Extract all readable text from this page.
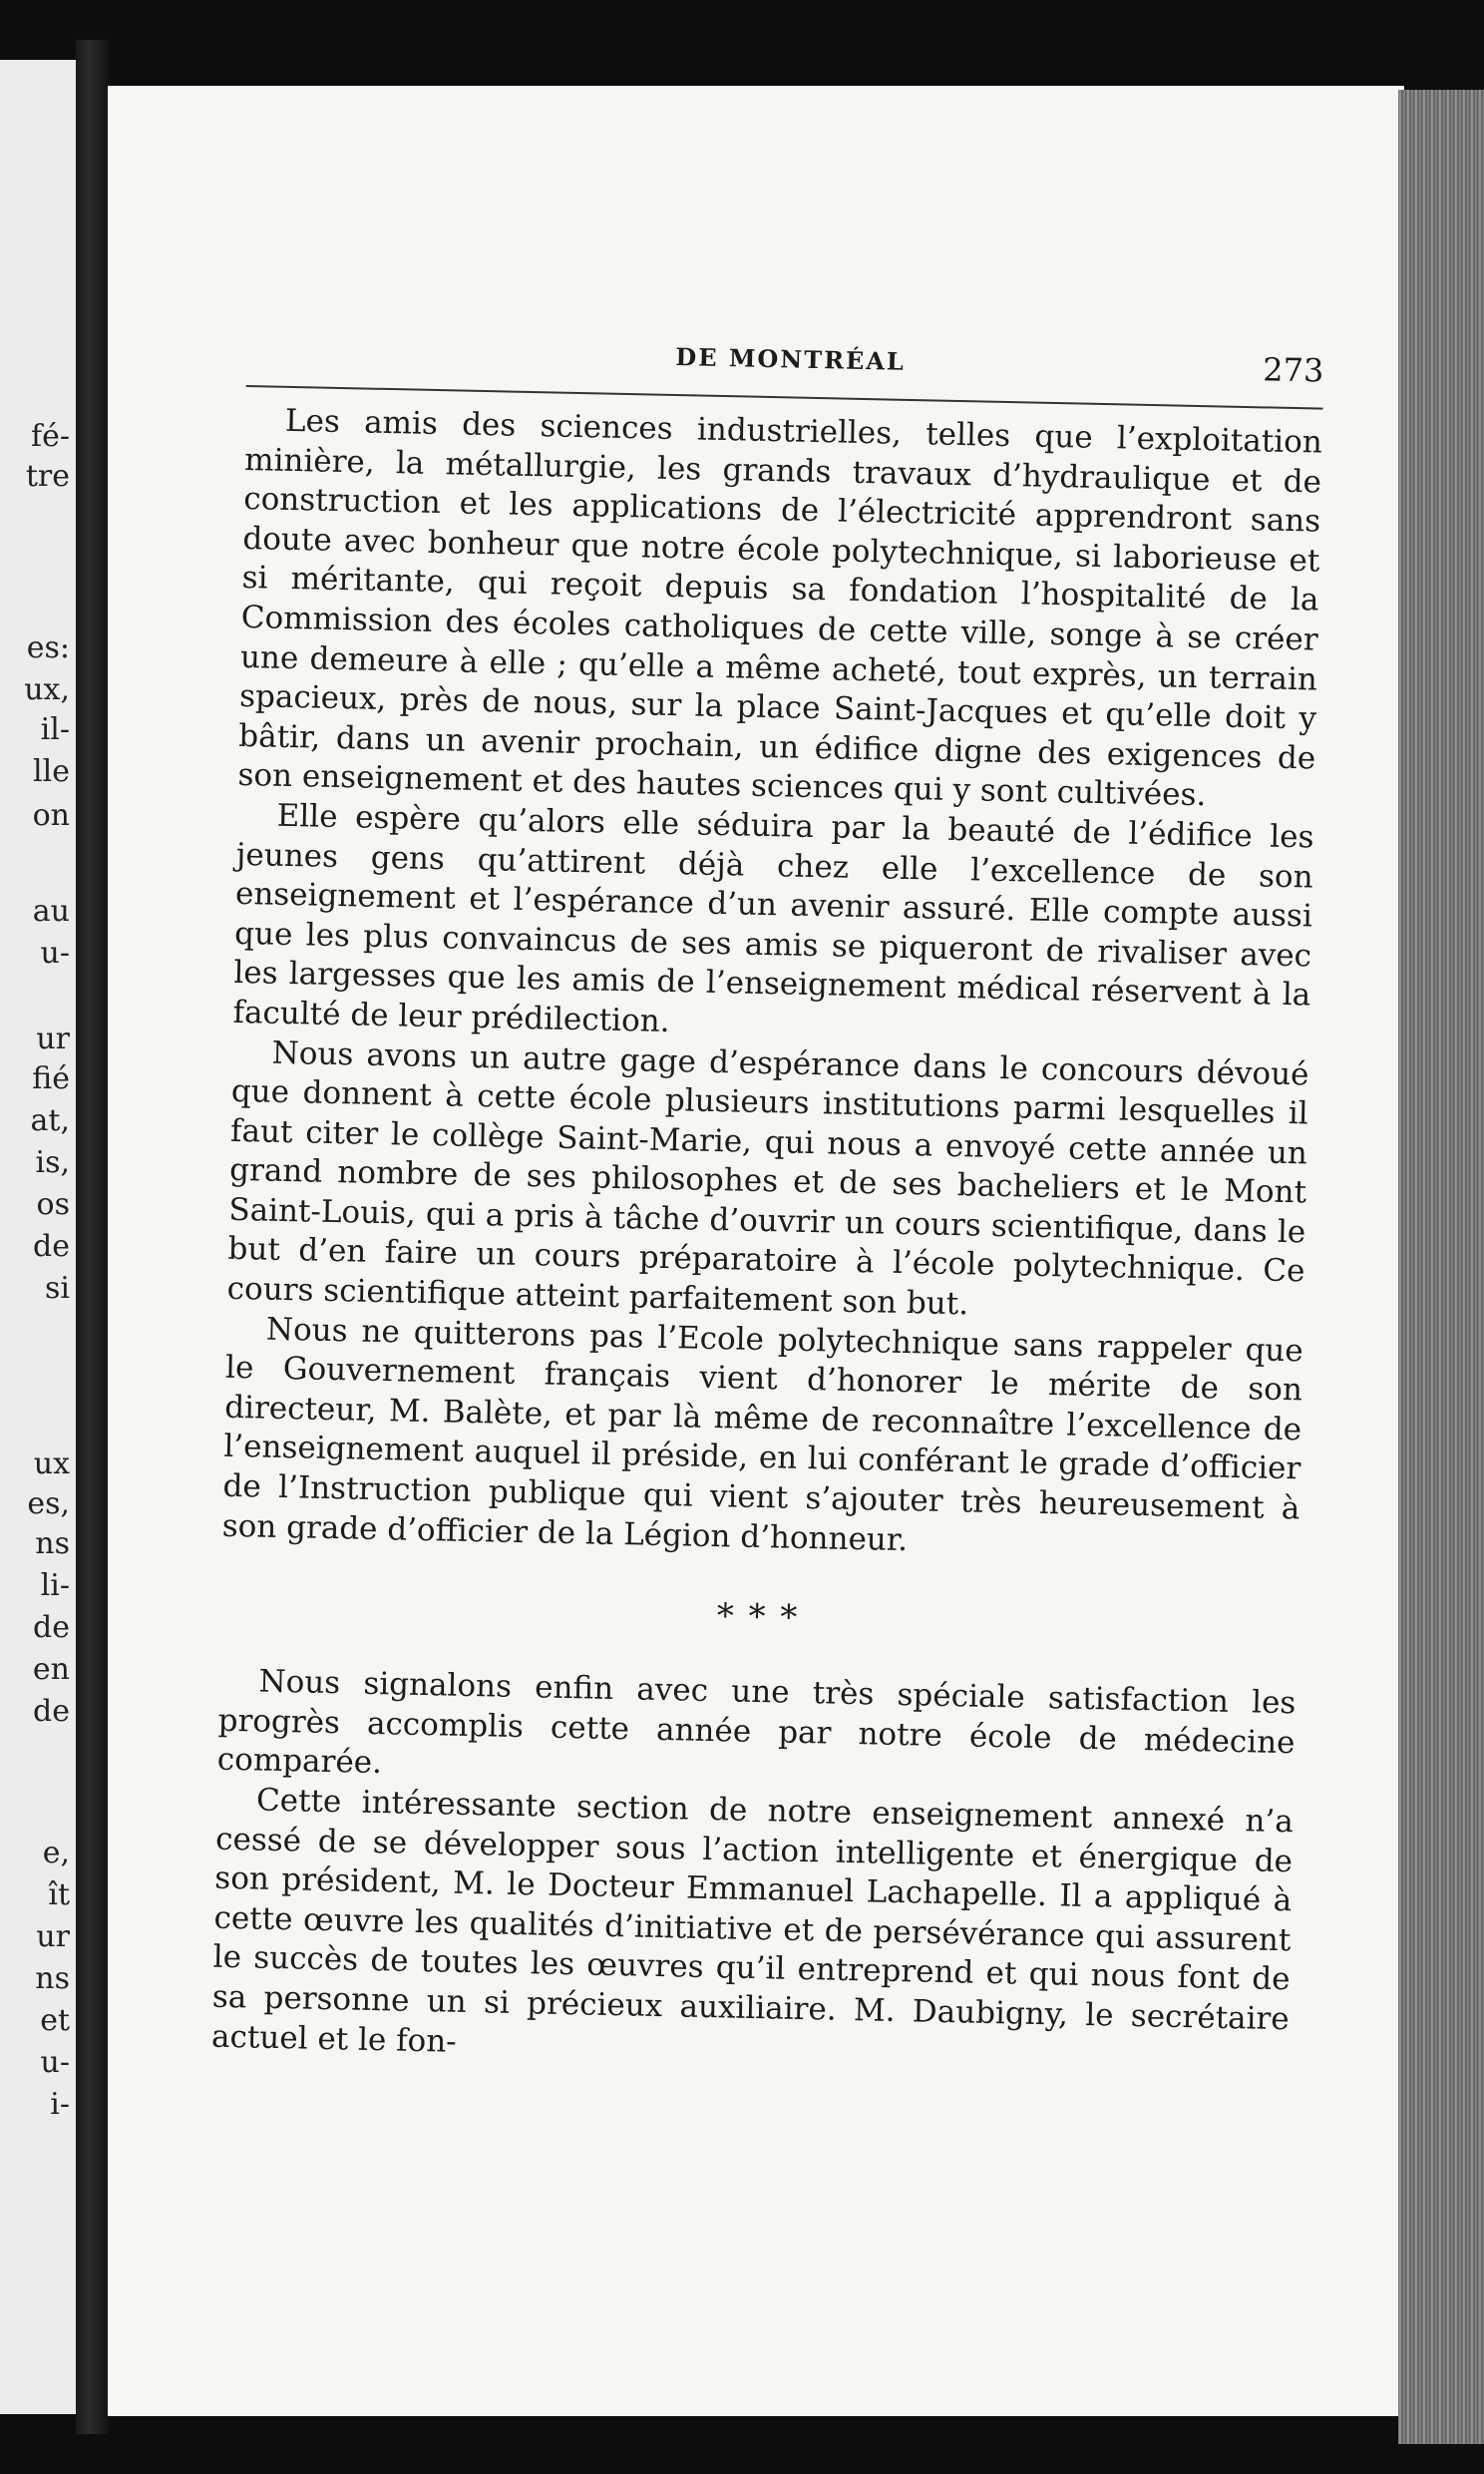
fé-
tre
es:
ux,
il-
lle
on
au
u-
ur
fié
at,
is,
os
de
si
ux
es,
ns
li-
de
en
de
e,
ît
ur
ns
et
u-
i-
DE MONTRÉAL	273

Les amis des sciences industrielles, telles que l’exploitation minière, la métallurgie, les grands travaux d’hydraulique et de construction et les applications de l’électricité apprendront sans doute avec bonheur que notre école polytechnique, si laborieuse et si méritante, qui reçoit depuis sa fondation l’hospitalité de la Commission des écoles catholiques de cette ville, songe à se créer une demeure à elle ; qu’elle a même acheté, tout exprès, un terrain spacieux, près de nous, sur la place Saint-Jacques et qu’elle doit y bâtir, dans un avenir prochain, un édifice digne des exigences de son enseignement et des hautes sciences qui y sont cultivées.

Elle espère qu’alors elle séduira par la beauté de l’édifice les jeunes gens qu’attirent déjà chez elle l’excellence de son enseignement et l’espérance d’un avenir assuré. Elle compte aussi que les plus convaincus de ses amis se piqueront de rivaliser avec les largesses que les amis de l’enseignement médical réservent à la faculté de leur prédilection.

Nous avons un autre gage d’espérance dans le concours dévoué que donnent à cette école plusieurs institutions parmi lesquelles il faut citer le collège Saint-Marie, qui nous a envoyé cette année un grand nombre de ses philosophes et de ses bacheliers et le Mont Saint-Louis, qui a pris à tâche d’ouvrir un cours scientifique, dans le but d’en faire un cours préparatoire à l’école polytechnique. Ce cours scientifique atteint parfaitement son but.

Nous ne quitterons pas l’Ecole polytechnique sans rappeler que le Gouvernement français vient d’honorer le mérite de son directeur, M. Balète, et par là même de reconnaître l’excellence de l’enseignement auquel il préside, en lui conférant le grade d’officier de l’Instruction publique qui vient s’ajouter très heureusement à son grade d’officier de la Légion d’honneur.

* * *

Nous signalons enfin avec une très spéciale satisfaction les progrès accomplis cette année par notre école de médecine comparée.

Cette intéressante section de notre enseignement annexé n’a cessé de se développer sous l’action intelligente et énergique de son président, M. le Docteur Emmanuel Lachapelle. Il a appliqué à cette œuvre les qualités d’initiative et de persévérance qui assurent le succès de toutes les œuvres qu’il entreprend et qui nous font de sa personne un si précieux auxiliaire. M. Daubigny, le secrétaire actuel et le fon-
